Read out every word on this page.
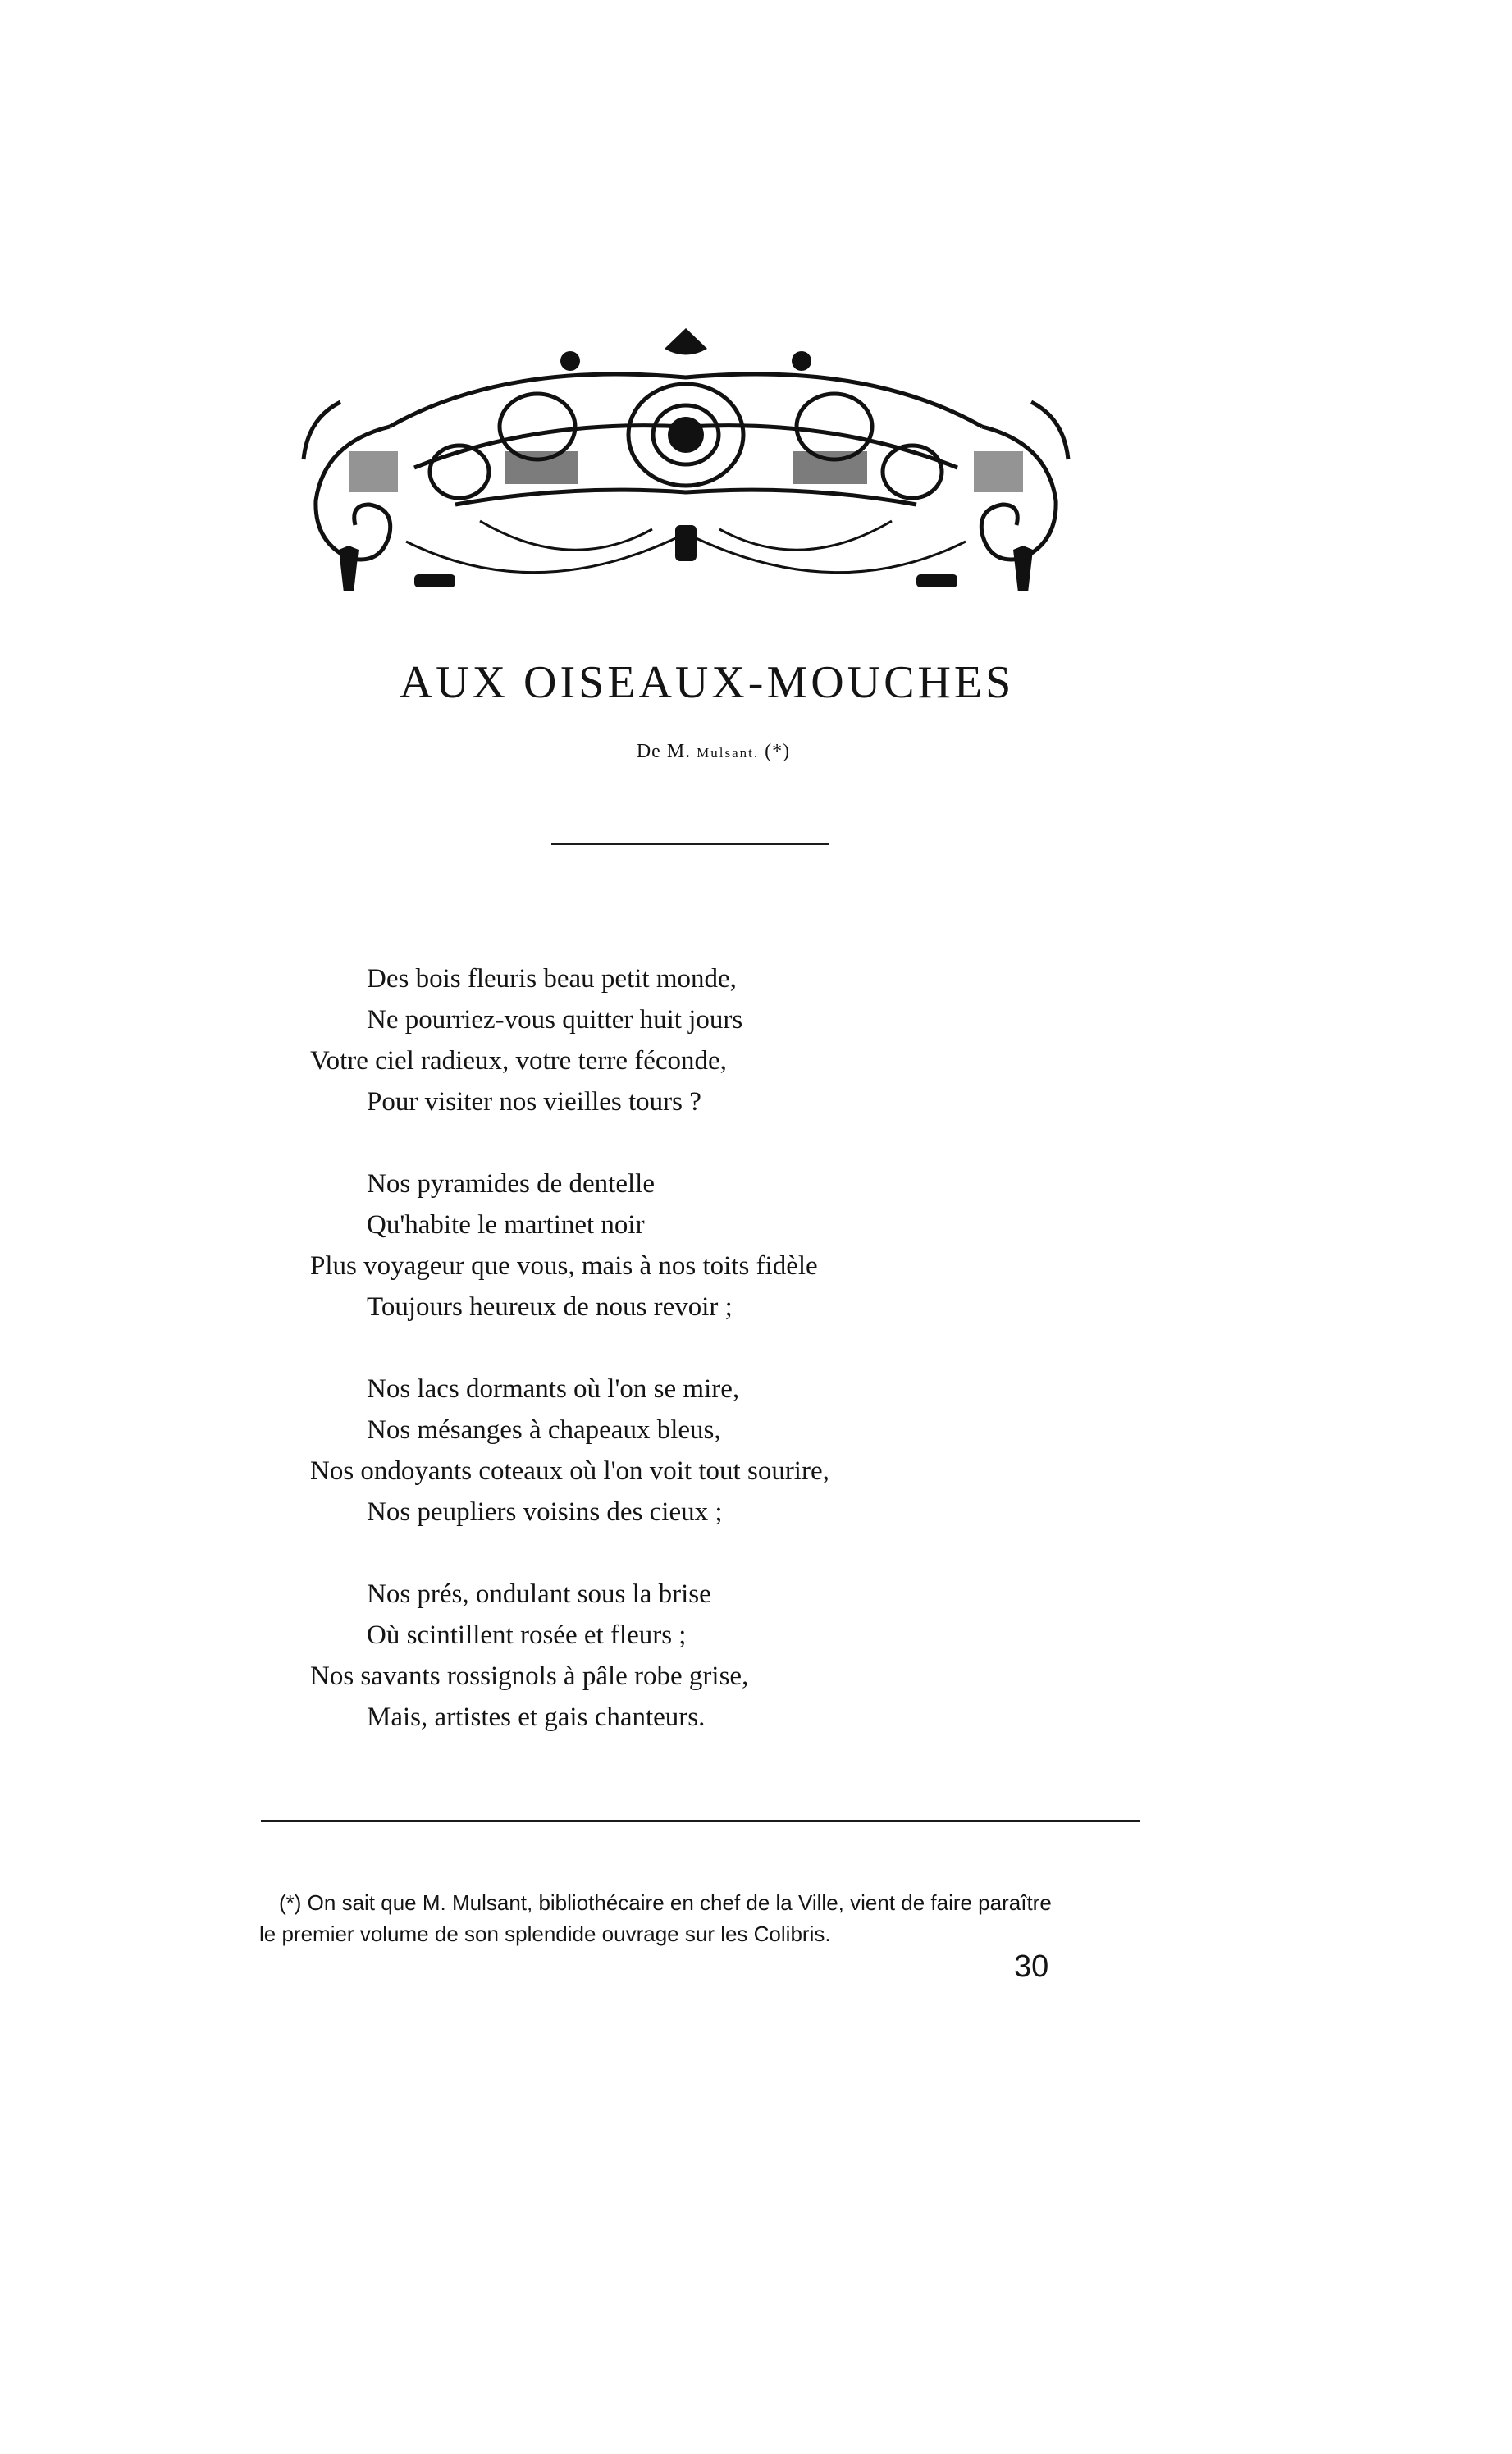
AUX OISEAUX-MOUCHES
De M. Mulsant. (*)
Des bois fleuris beau petit monde,
Ne pourriez-vous quitter huit jours
Votre ciel radieux, votre terre féconde,
Pour visiter nos vieilles tours ?
Nos pyramides de dentelle
Qu'habite le martinet noir
Plus voyageur que vous, mais à nos toits fidèle
Toujours heureux de nous revoir ;
Nos lacs dormants où l'on se mire,
Nos mésanges à chapeaux bleus,
Nos ondoyants coteaux où l'on voit tout sourire,
Nos peupliers voisins des cieux ;
Nos prés, ondulant sous la brise
Où scintillent rosée et fleurs ;
Nos savants rossignols à pâle robe grise,
Mais, artistes et gais chanteurs.
(*) On sait que M. Mulsant, bibliothécaire en chef de la Ville, vient de faire paraître
le premier volume de son splendide ouvrage sur les Colibris.
30
